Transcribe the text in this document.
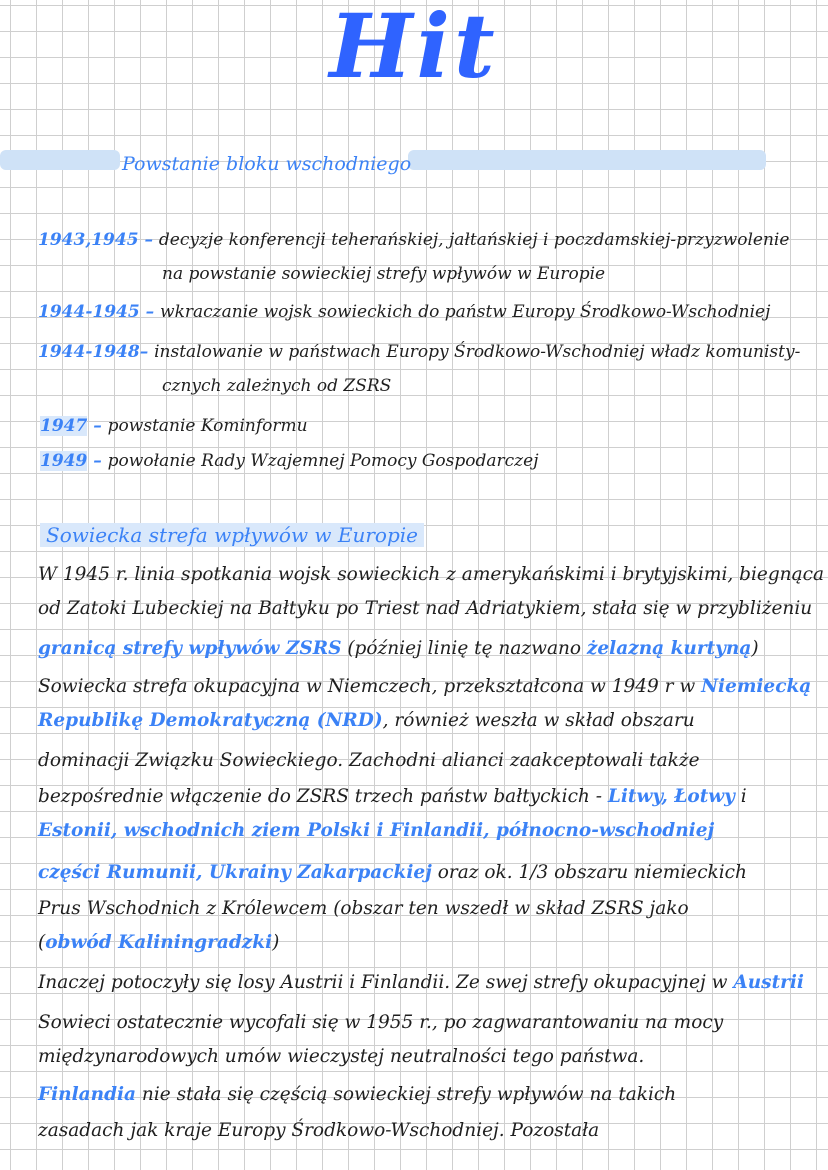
Hit
Powstanie bloku wschodniego
1943,1945 – decyzje konferencji teherańskiej, jałtańskiej i poczdamskiej-przyzwolenie
na powstanie sowieckiej strefy wpływów w Europie
1944-1945 – wkraczanie wojsk sowieckich do państw Europy Środkowo-Wschodniej
1944-1948– instalowanie w państwach Europy Środkowo-Wschodniej władz komunisty-
cznych zależnych od ZSRS
1947 – powstanie Kominformu
1949 – powołanie Rady Wzajemnej Pomocy Gospodarczej
Sowiecka strefa wpływów w Europie
W 1945 r. linia spotkania wojsk sowieckich z amerykańskimi i brytyjskimi, biegnąca
od Zatoki Lubeckiej na Bałtyku po Triest nad Adriatykiem, stała się w przybliżeniu
granicą strefy wpływów ZSRS (później linię tę nazwano żelazną kurtyną)
Sowiecka strefa okupacyjna w Niemczech, przekształcona w 1949 r w Niemiecką
Republikę Demokratyczną (NRD), również weszła w skład obszaru
dominacji Związku Sowieckiego. Zachodni alianci zaakceptowali także
bezpośrednie włączenie do ZSRS trzech państw bałtyckich - Litwy, Łotwy i
Estonii, wschodnich ziem Polski i Finlandii, północno-wschodniej
części Rumunii, Ukrainy Zakarpackiej oraz ok. 1/3 obszaru niemieckich
Prus Wschodnich z Królewcem (obszar ten wszedł w skład ZSRS jako
(obwód Kaliningradzki)
Inaczej potoczyły się losy Austrii i Finlandii. Ze swej strefy okupacyjnej w Austrii
Sowieci ostatecznie wycofali się w 1955 r., po zagwarantowaniu na mocy
międzynarodowych umów wieczystej neutralności tego państwa.
Finlandia nie stała się częścią sowieckiej strefy wpływów na takich
zasadach jak kraje Europy Środkowo-Wschodniej. Pozostała
